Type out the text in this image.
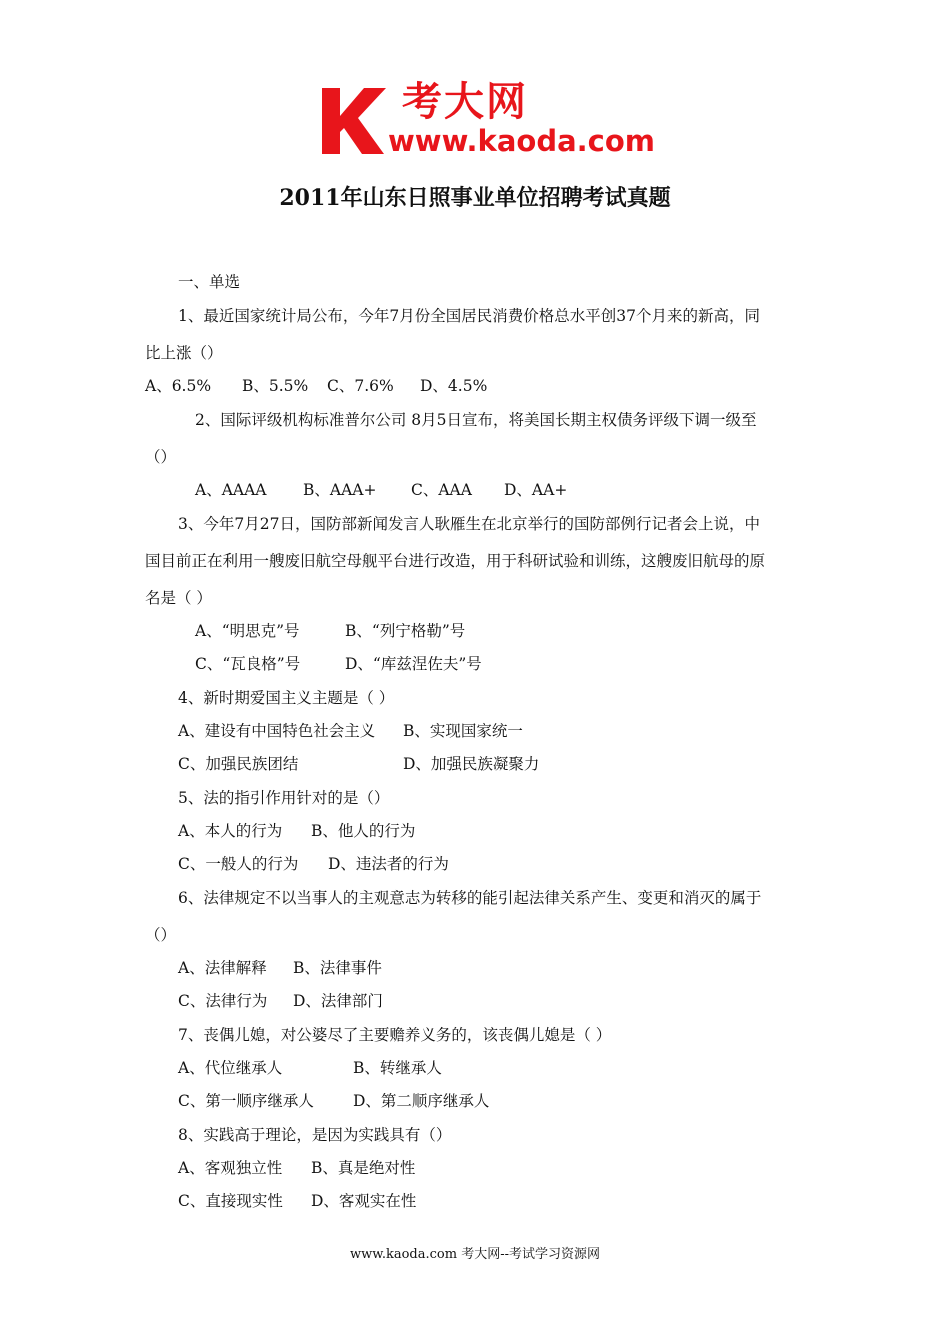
考大网
www.kaoda.com
2011年山东日照事业单位招聘考试真题
一、单选
1、最近国家统计局公布，今年7月份全国居民消费价格总水平创37个月来的新高，同
比上涨（）
A、6.5% B、5.5% C、7.6% D、4.5%
2、国际评级机构标准普尔公司 8月5日宣布，将美国长期主权债务评级下调一级至
（）
A、AAAA B、AAA+ C、AAA D、AA+
3、今年7月27日，国防部新闻发言人耿雁生在北京举行的国防部例行记者会上说，中
国目前正在利用一艘废旧航空母舰平台进行改造，用于科研试验和训练，这艘废旧航母的原
名是（ ）
A、“明思克”号	B、“列宁格勒”号
C、“瓦良格”号	D、“库兹涅佐夫”号
4、新时期爱国主义主题是（ ）
A、建设有中国特色社会主义 B、实现国家统一
C、加强民族团结	D、加强民族凝聚力
5、法的指引作用针对的是（）
A、本人的行为 B、他人的行为
C、一般人的行为 D、违法者的行为
6、法律规定不以当事人的主观意志为转移的能引起法律关系产生、变更和消灭的属于
（）
A、法律解释 B、法律事件
C、法律行为 D、法律部门
7、丧偶儿媳，对公婆尽了主要赡养义务的，该丧偶儿媳是（ ）
A、代位继承人	B、转继承人
C、第一顺序继承人	D、第二顺序继承人
8、实践高于理论，是因为实践具有（）
A、客观独立性 B、真是绝对性
C、直接现实性 D、客观实在性
www.kaoda.com 考大网--考试学习资源网
